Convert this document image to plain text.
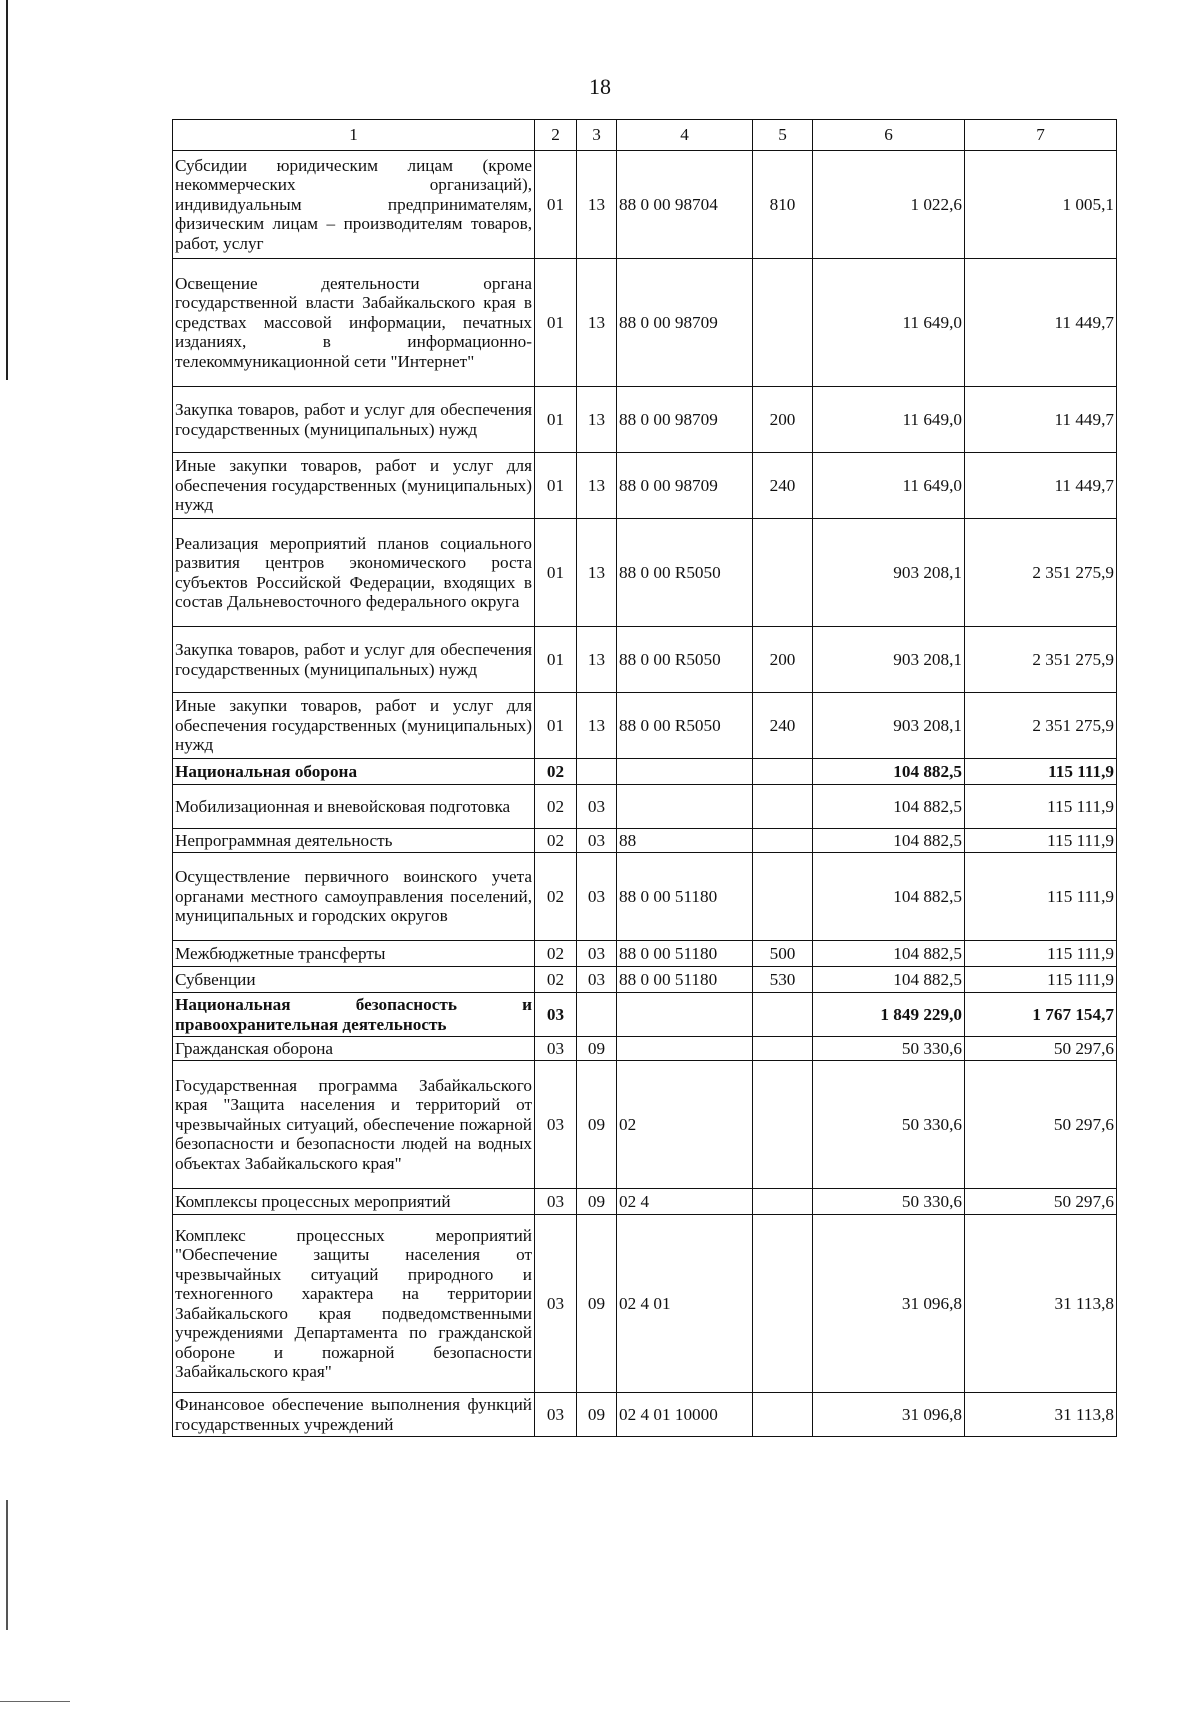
18
1	2	3	4	5	6	7
Субсидии юридическим лицам (кроме некоммерческих организаций), индивидуальным предпринимателям, физическим лицам – производителям товаров, работ, услуг	01	13	88 0 00 98704	810	1 022,6	1 005,1
Освещение деятельности органа государственной власти Забайкальского края в средствах массовой информации, печатных изданиях, в информационно-телекоммуникационной сети "Интернет"	01	13	88 0 00 98709		11 649,0	11 449,7
Закупка товаров, работ и услуг для обеспечения государственных (муниципальных) нужд	01	13	88 0 00 98709	200	11 649,0	11 449,7
Иные закупки товаров, работ и услуг для обеспечения государственных (муниципальных) нужд	01	13	88 0 00 98709	240	11 649,0	11 449,7
Реализация мероприятий планов социального развития центров экономического роста субъектов Российской Федерации, входящих в состав Дальневосточного федерального округа	01	13	88 0 00 R5050		903 208,1	2 351 275,9
Закупка товаров, работ и услуг для обеспечения государственных (муниципальных) нужд	01	13	88 0 00 R5050	200	903 208,1	2 351 275,9
Иные закупки товаров, работ и услуг для обеспечения государственных (муниципальных) нужд	01	13	88 0 00 R5050	240	903 208,1	2 351 275,9
Национальная оборона	02				104 882,5	115 111,9
Мобилизационная и вневойсковая подготовка	02	03			104 882,5	115 111,9
Непрограммная деятельность	02	03	88		104 882,5	115 111,9
Осуществление первичного воинского учета органами местного самоуправления поселений, муниципальных и городских округов	02	03	88 0 00 51180		104 882,5	115 111,9
Межбюджетные трансферты	02	03	88 0 00 51180	500	104 882,5	115 111,9
Субвенции	02	03	88 0 00 51180	530	104 882,5	115 111,9
Национальная безопасность и правоохранительная деятельность	03				1 849 229,0	1 767 154,7
Гражданская оборона	03	09			50 330,6	50 297,6
Государственная программа Забайкальского края "Защита населения и территорий от чрезвычайных ситуаций, обеспечение пожарной безопасности и безопасности людей на водных объектах Забайкальского края"	03	09	02		50 330,6	50 297,6
Комплексы процессных мероприятий	03	09	02 4		50 330,6	50 297,6
Комплекс процессных мероприятий "Обеспечение защиты населения от чрезвычайных ситуаций природного и техногенного характера на территории Забайкальского края подведомственными учреждениями Департамента по гражданской обороне и пожарной безопасности Забайкальского края"	03	09	02 4 01		31 096,8	31 113,8
Финансовое обеспечение выполнения функций государственных учреждений	03	09	02 4 01 10000		31 096,8	31 113,8
